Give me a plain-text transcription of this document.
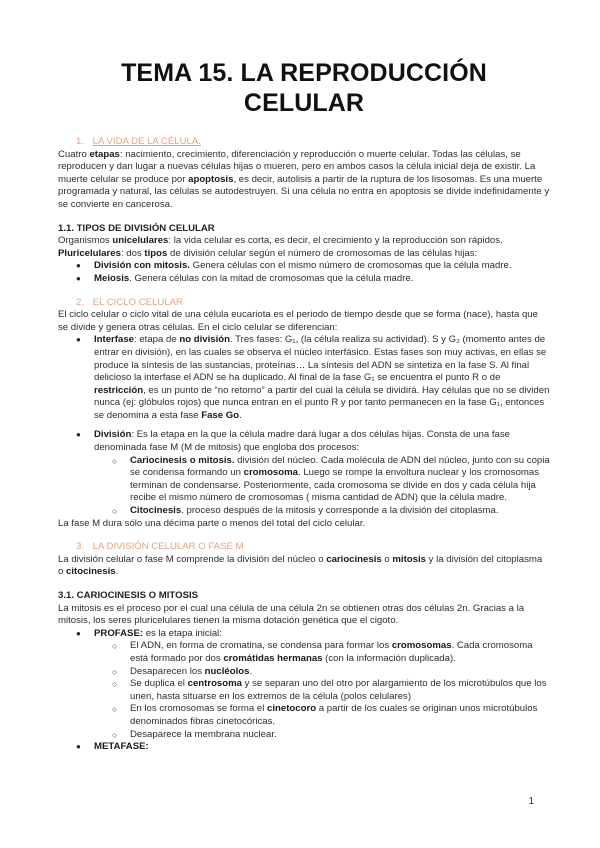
TEMA 15. LA REPRODUCCIÓN CELULAR
1. LA VIDA DE LA CÉLULA.

Cuatro etapas: nacimiento, crecimiento, diferenciación y reproducción o muerte celular. Todas las células, se reproducen y dan lugar a nuevas células hijas o mueren, pero en ambos casos la célula inicial deja de existir. La muerte celular se produce por apoptosis, es decir, autolisis a partir de la ruptura de los lisosomas. Es una muerte programada y natural, las células se autodestruyen. Si una célula no entra en apoptosis se divide indefinidamente y se convierte en cancerosa.

1.1. TIPOS DE DIVISIÓN CELULAR

Organismos unicelulares: la vida celular es corta, es decir, el crecimiento y la reproducción son rápidos.

Pluricelulares: dos tipos de división celular según el número de cromosomas de las células hijas:

● División con mitosis. Genera células con el mismo número de cromosomas que la célula madre.
● Meiosis. Genera células con la mitad de cromosomas que la célula madre.
2. EL CICLO CELULAR

El ciclo celular o ciclo vital de una célula eucariota es el periodo de tiempo desde que se forma (nace), hasta que se divide y genera otras células. En el ciclo celular se diferencian:

● Interfase: etapa de no división. Tres fases: G₁, (la célula realiza su actividad). S y G₂ (momento antes de entrar en división), en las cuales se observa el núcleo interfásico. Estas fases son muy activas, en ellas se produce la síntesis de las sustancias, proteínas… La síntesis del ADN se sintetiza en la fase S. Al final delicioso la interfase el ADN se ha duplicado. Al final de la fase G₁ se encuentra el punto R o de restricción, es un punto de “no retorno” a partir del cual la célula se dividirá. Hay células que no se dividen nunca (ej: glóbulos rojos) que nunca entran en el punto R y por tanto permanecen en la fase G₁, entonces se denomina a esta fase Fase Go.
● División: Es la etapa en la que la célula madre dará lugar a dos células hijas. Consta de una fase denominada fase M (M de mitosis) que engloba dos procesos:
○ Cariocinesis o mitosis. división del núcleo. Cada molécula de ADN del núcleo, junto con su copia se condensa formando un cromosoma. Luego se rompe la envoltura nuclear y los cromosomas terminan de condensarse. Posteriormente, cada cromosoma se divide en dos y cada célula hija recibe el mismo número de cromosomas ( misma cantidad de ADN) que la célula madre.
○ Citocinesis. proceso después de la mitosis y corresponde a la división del citoplasma.

La fase M dura sólo una décima parte o menos del total del ciclo celular.

3. LA DIVISIÓN CELULAR O FASE M

La división celular o fase M comprende la división del núcleo o cariocinesis o mitosis y la división del citoplasma o citocinesis.

3.1. CARIOCINESIS O MITOSIS

La mitosis es el proceso por el cual una célula de una célula 2n se obtienen otras dos células 2n. Gracias a la mitosis, los seres pluricelulares tienen la misma dotación genética que el cigoto.

● PROFASE: es la etapa inicial:
○ El ADN, en forma de cromatina, se condensa para formar los cromosomas. Cada cromosoma está formado por dos cromátidas hermanas (con la información duplicada).
○ Desaparecen los nucléolos.
○ Se duplica el centrosoma y se separan uno del otro por alargamiento de los microtúbulos que los unen, hasta situarse en los extremos de la célula (polos celulares)
○ En los cromosomas se forma el cinetocoro a partir de los cuales se originan unos microtúbulos denominados fibras cinetocóricas.
○ Desaparece la membrana nuclear.
● METAFASE:
1
